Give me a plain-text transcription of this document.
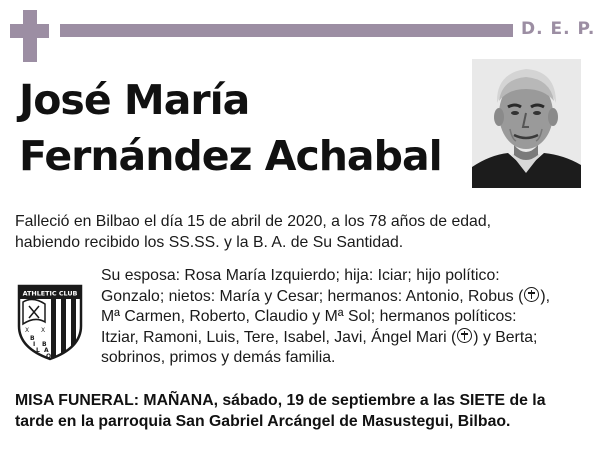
D. E. P.
José María
Fernández Achabal
Falleció en Bilbao el día 15 de abril de 2020, a los 78 años de edad,
habiendo recibido los SS.SS. y la B. A. de Su Santidad.
ATHLETIC CLUB
X X
B
I
L
B
A
O
Su esposa: Rosa María Izquierdo; hija: Iciar; hijo político:
Gonzalo; nietos: María y Cesar; hermanos: Antonio, Robus ( ),
Mª Carmen, Roberto, Claudio y Mª Sol; hermanos políticos:
Itziar, Ramoni, Luis, Tere, Isabel, Javi, Ángel Mari ( ) y Berta;
sobrinos, primos y demás familia.
MISA FUNERAL: MAÑANA, sábado, 19 de septiembre a las SIETE de la
tarde en la parroquia San Gabriel Arcángel de Masustegui, Bilbao.
